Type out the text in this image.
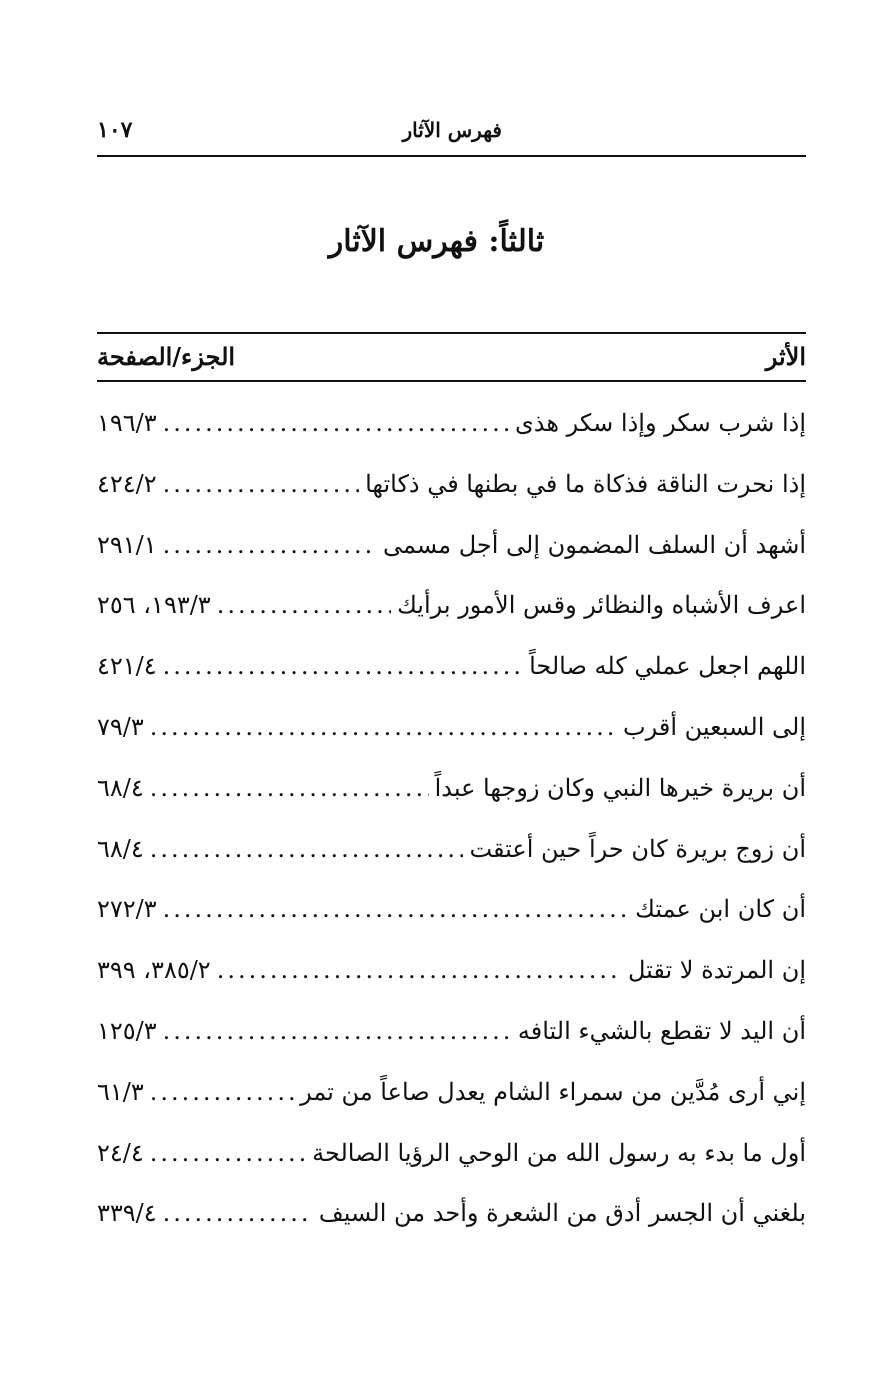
فهرس الآثار
١٠٧
ثالثاً: فهرس الآثار
الأثر
الجزء/الصفحة
إذا شرب سكر وإذا سكر هذى
.....
١٩٦/٣
إذا نحرت الناقة فذكاة ما في بطنها في ذكاتها
.....
٤٢٤/٢
أشهد أن السلف المضمون إلى أجل مسمى
.....
٢٩١/١
اعرف الأشباه والنظائر وقس الأمور برأيك
.....
١٩٣/٣، ٢٥٦
اللهم اجعل عملي كله صالحاً
.....
٤٢١/٤
إلى السبعين أقرب
.....
٧٩/٣
أن بريرة خيرها النبي وكان زوجها عبداً
.....
٦٨/٤
أن زوج بريرة كان حراً حين أعتقت
.....
٦٨/٤
أن كان ابن عمتك
.....
٢٧٢/٣
إن المرتدة لا تقتل
.....
٣٨٥/٢، ٣٩٩
أن اليد لا تقطع بالشيء التافه
.....
١٢٥/٣
إني أرى مُدَّين من سمراء الشام يعدل صاعاً من تمر
.....
٦١/٣
أول ما بدء به رسول الله من الوحي الرؤيا الصالحة
.....
٢٤/٤
بلغني أن الجسر أدق من الشعرة وأحد من السيف
.....
٣٣٩/٤
